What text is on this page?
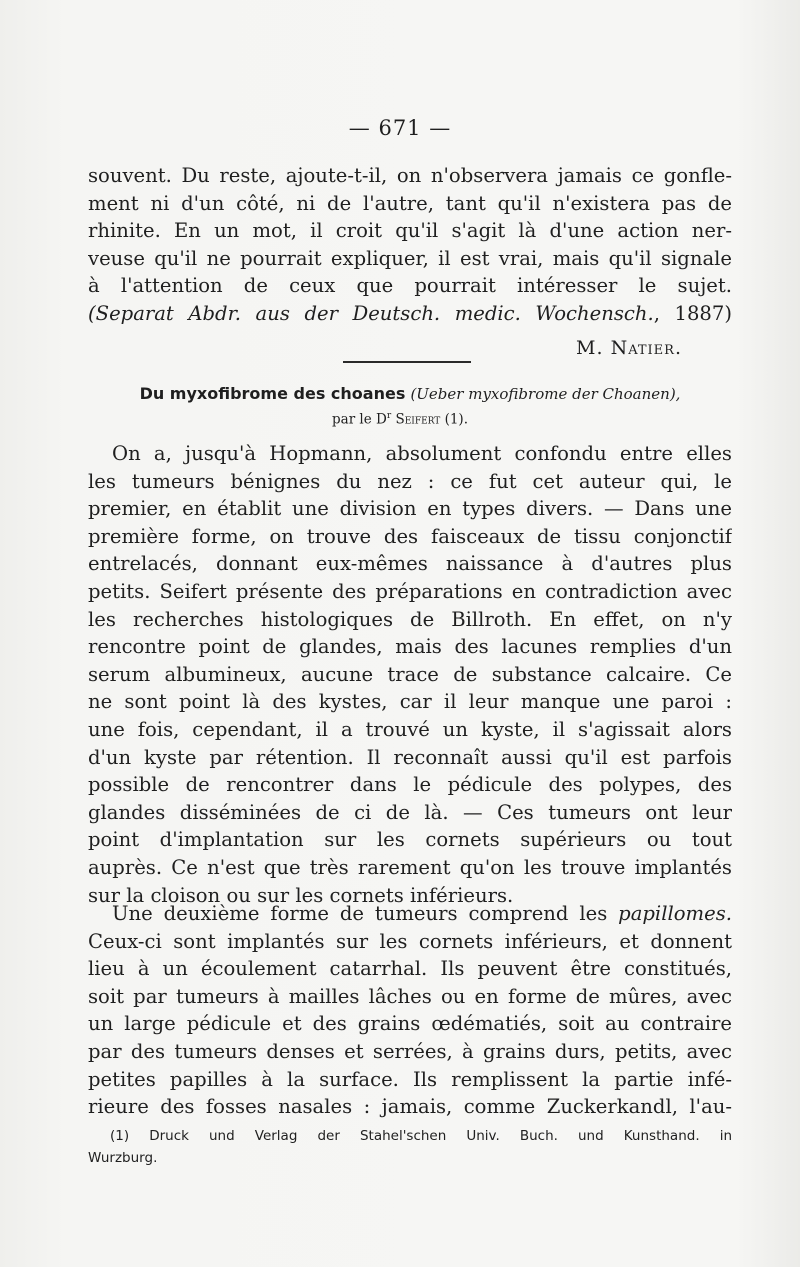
— 671 —
souvent. Du reste, ajoute-t-il, on n'observera jamais ce gonfle-
ment ni d'un côté, ni de l'autre, tant qu'il n'existera pas de
rhinite. En un mot, il croit qu'il s'agit là d'une action ner-
veuse qu'il ne pourrait expliquer, il est vrai, mais qu'il signale
à l'attention de ceux que pourrait intéresser le sujet.
(Separat Abdr. aus der Deutsch. medic. Wochensch., 1887)
M. Natier.
Du myxofibrome des choanes (Ueber myxofibrome der Choanen),
par le $D^r$ Seifert (1).
On a, jusqu'à Hopmann, absolument confondu entre elles
les tumeurs bénignes du nez : ce fut cet auteur qui, le
premier, en établit une division en types divers. — Dans une
première forme, on trouve des faisceaux de tissu conjonctif
entrelacés, donnant eux-mêmes naissance à d'autres plus
petits. Seifert présente des préparations en contradiction avec
les recherches histologiques de Billroth. En effet, on n'y
rencontre point de glandes, mais des lacunes remplies d'un
serum albumineux, aucune trace de substance calcaire. Ce
ne sont point là des kystes, car il leur manque une paroi :
une fois, cependant, il a trouvé un kyste, il s'agissait alors
d'un kyste par rétention. Il reconnaît aussi qu'il est parfois
possible de rencontrer dans le pédicule des polypes, des
glandes disséminées de ci de là. — Ces tumeurs ont leur
point d'implantation sur les cornets supérieurs ou tout
auprès. Ce n'est que très rarement qu'on les trouve implantés
sur la cloison ou sur les cornets inférieurs.
Une deuxième forme de tumeurs comprend les papillomes.
Ceux-ci sont implantés sur les cornets inférieurs, et donnent
lieu à un écoulement catarrhal. Ils peuvent être constitués,
soit par tumeurs à mailles lâches ou en forme de mûres, avec
un large pédicule et des grains œdématiés, soit au contraire
par des tumeurs denses et serrées, à grains durs, petits, avec
petites papilles à la surface. Ils remplissent la partie infé-
rieure des fosses nasales : jamais, comme Zuckerkandl, l'au-
(1) Druck und Verlag der Stahel'schen Univ. Buch. und Kunsthand. in
Wurzburg.
